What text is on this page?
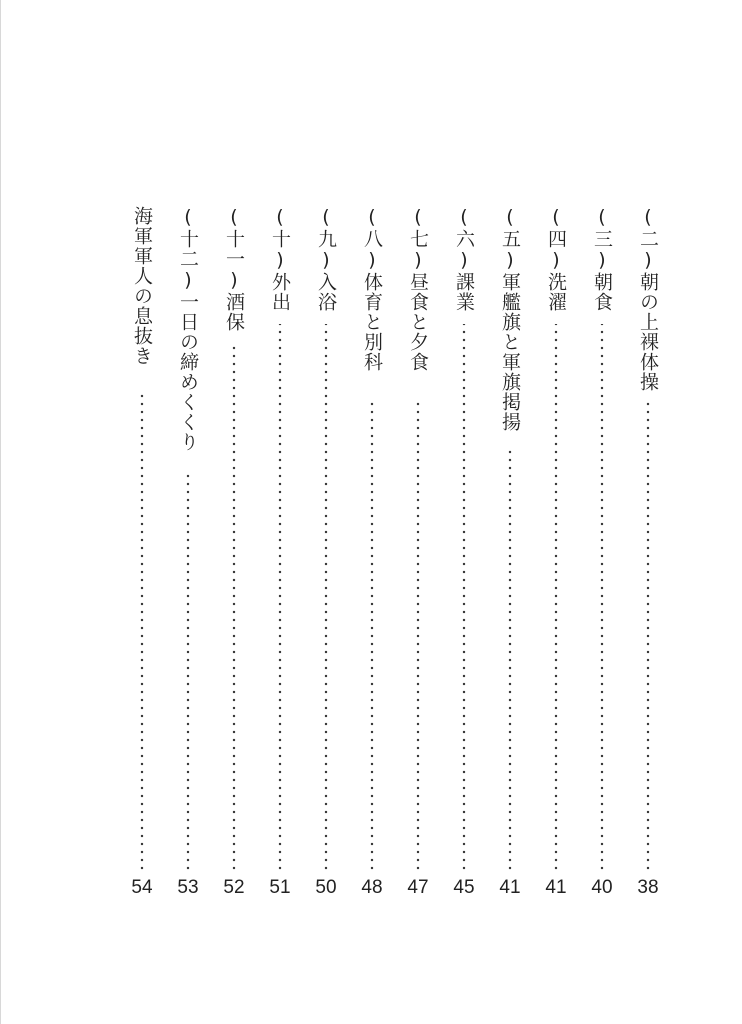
(二)朝の上裸体操
38
(三)朝食
40
(四)洗濯
41
(五)軍艦旗と軍旗掲揚
41
(六)課業
45
(七)昼食と夕食
47
(八)体育と別科
48
(九)入浴
50
(十)外出
51
(十一)酒保
52
(十二)一日の締めくくり
53
海軍軍人の息抜き
54
